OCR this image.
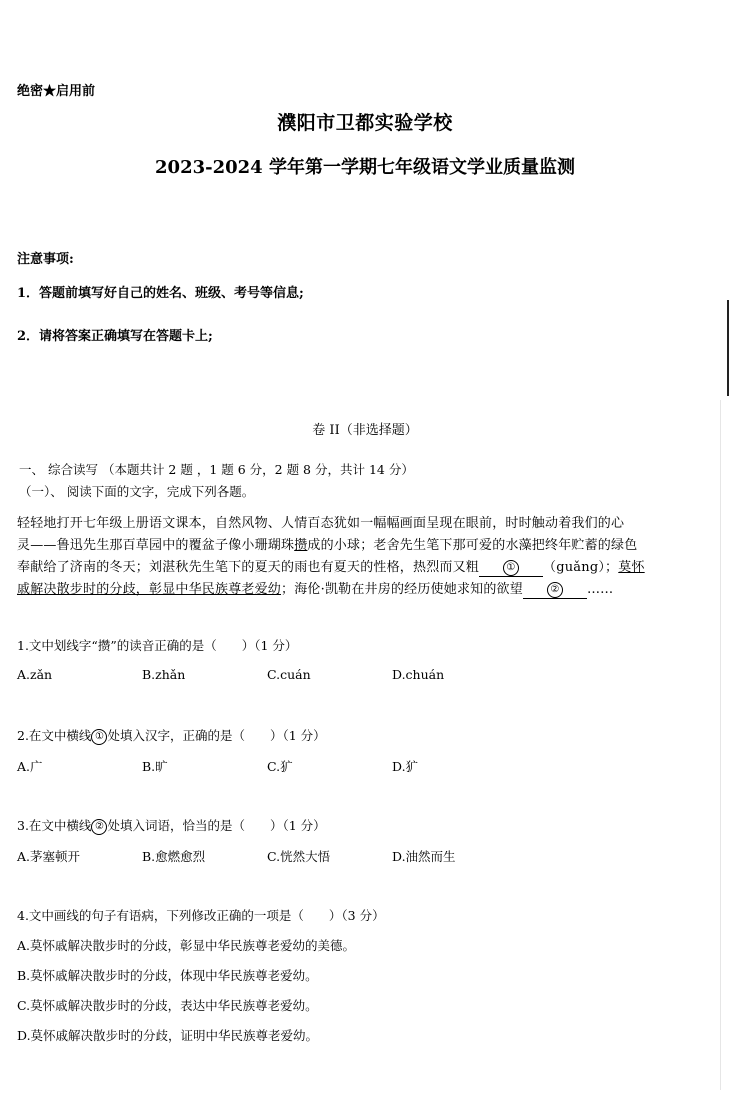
绝密★启用前
濮阳市卫都实验学校
2023-2024 学年第一学期七年级语文学业质量监测
注意事项:
1．答题前填写好自己的姓名、班级、考号等信息;
2．请将答案正确填写在答题卡上;
卷 II（非选择题）
一、 综合读写 （本题共计 2 题 ，1 题 6 分，2 题 8 分，共计 14 分）
（一）、 阅读下面的文字，完成下列各题。
轻轻地打开七年级上册语文课本，自然风物、人情百态犹如一幅幅画面呈现在眼前，时时触动着我们的心
灵——鲁迅先生那百草园中的覆盆子像小珊瑚珠攒成的小球；老舍先生笔下那可爱的水藻把终年贮蓄的绿色
奉献给了济南的冬天；刘湛秋先生笔下的夏天的雨也有夏天的性格，热烈而又粗	① （guǎng）；莫怀
戚解决散步时的分歧，彰显中华民族尊老爱幼；海伦·凯勒在井房的经历使她求知的欲望	② ……
1.文中划线字“攒”的读音正确的是（　　）（1 分）
A.zǎn	B.zhǎn	C.cuán	D.chuán
2.在文中横线 ① 处填入汉字，正确的是（　　）（1 分）
A.广	B.旷	C.犷	D.犷
3.在文中横线 ② 处填入词语，恰当的是（　　）（1 分）
A.茅塞顿开	B.愈燃愈烈	C.恍然大悟	D.油然而生
4.文中画线的句子有语病，下列修改正确的一项是（　　）（3 分）
A.莫怀戚解决散步时的分歧，彰显中华民族尊老爱幼的美德。
B.莫怀戚解决散步时的分歧，体现中华民族尊老爱幼。
C.莫怀戚解决散步时的分歧，表达中华民族尊老爱幼。
D.莫怀戚解决散步时的分歧，证明中华民族尊老爱幼。
